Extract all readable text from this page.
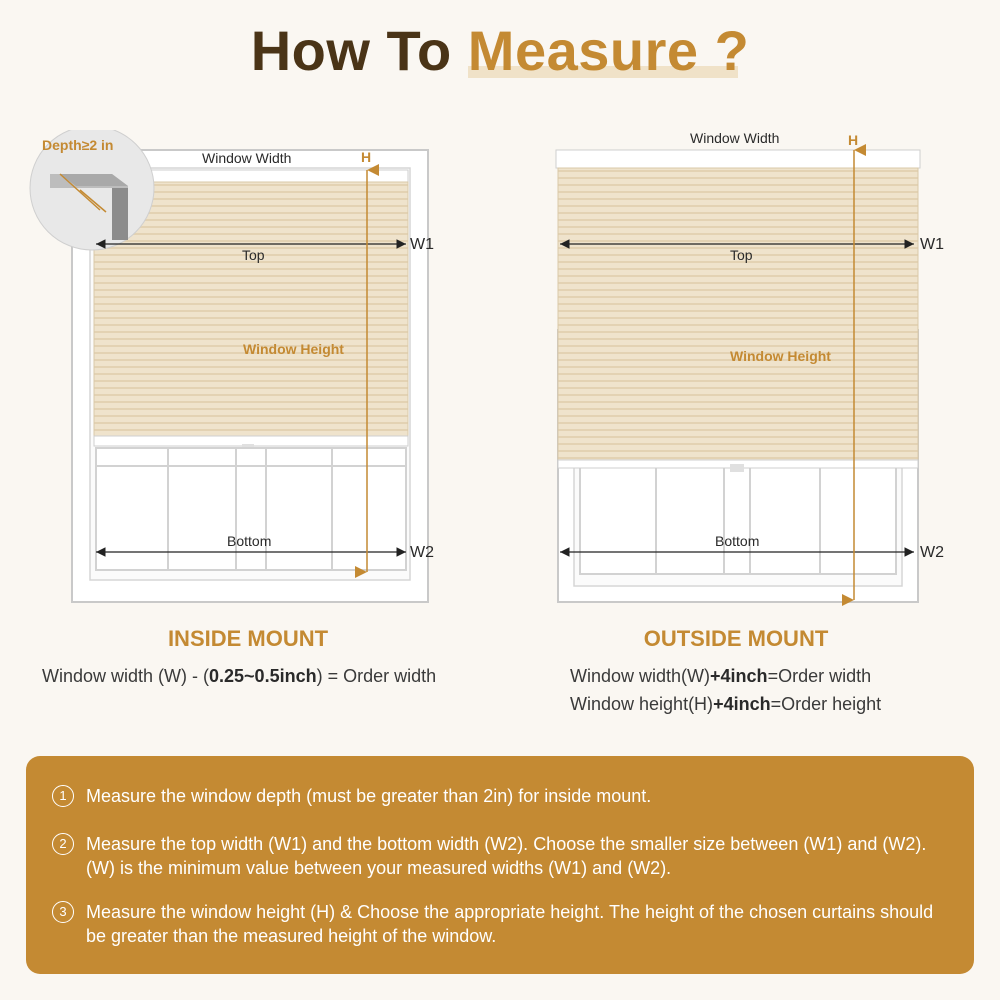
How To Measure ?
Depth≥2 in
Window Width
Top
W1
Bottom
W2
H
Window Height
Window Width
Top
W1
Bottom
W2
H
Window Height
INSIDE MOUNT
Window width (W) - (0.25~0.5inch) = Order width
OUTSIDE MOUNT
Window width(W)+4inch=Order width
Window height(H)+4inch=Order height
1	Measure the window depth (must be greater than 2in) for inside mount.
2	Measure the top width (W1) and the bottom width (W2). Choose the smaller size between (W1) and (W2). (W) is the minimum value between your measured widths (W1) and (W2).
3	Measure the window height (H) & Choose the appropriate height. The height of the chosen curtains should be greater than the measured height of the window.
